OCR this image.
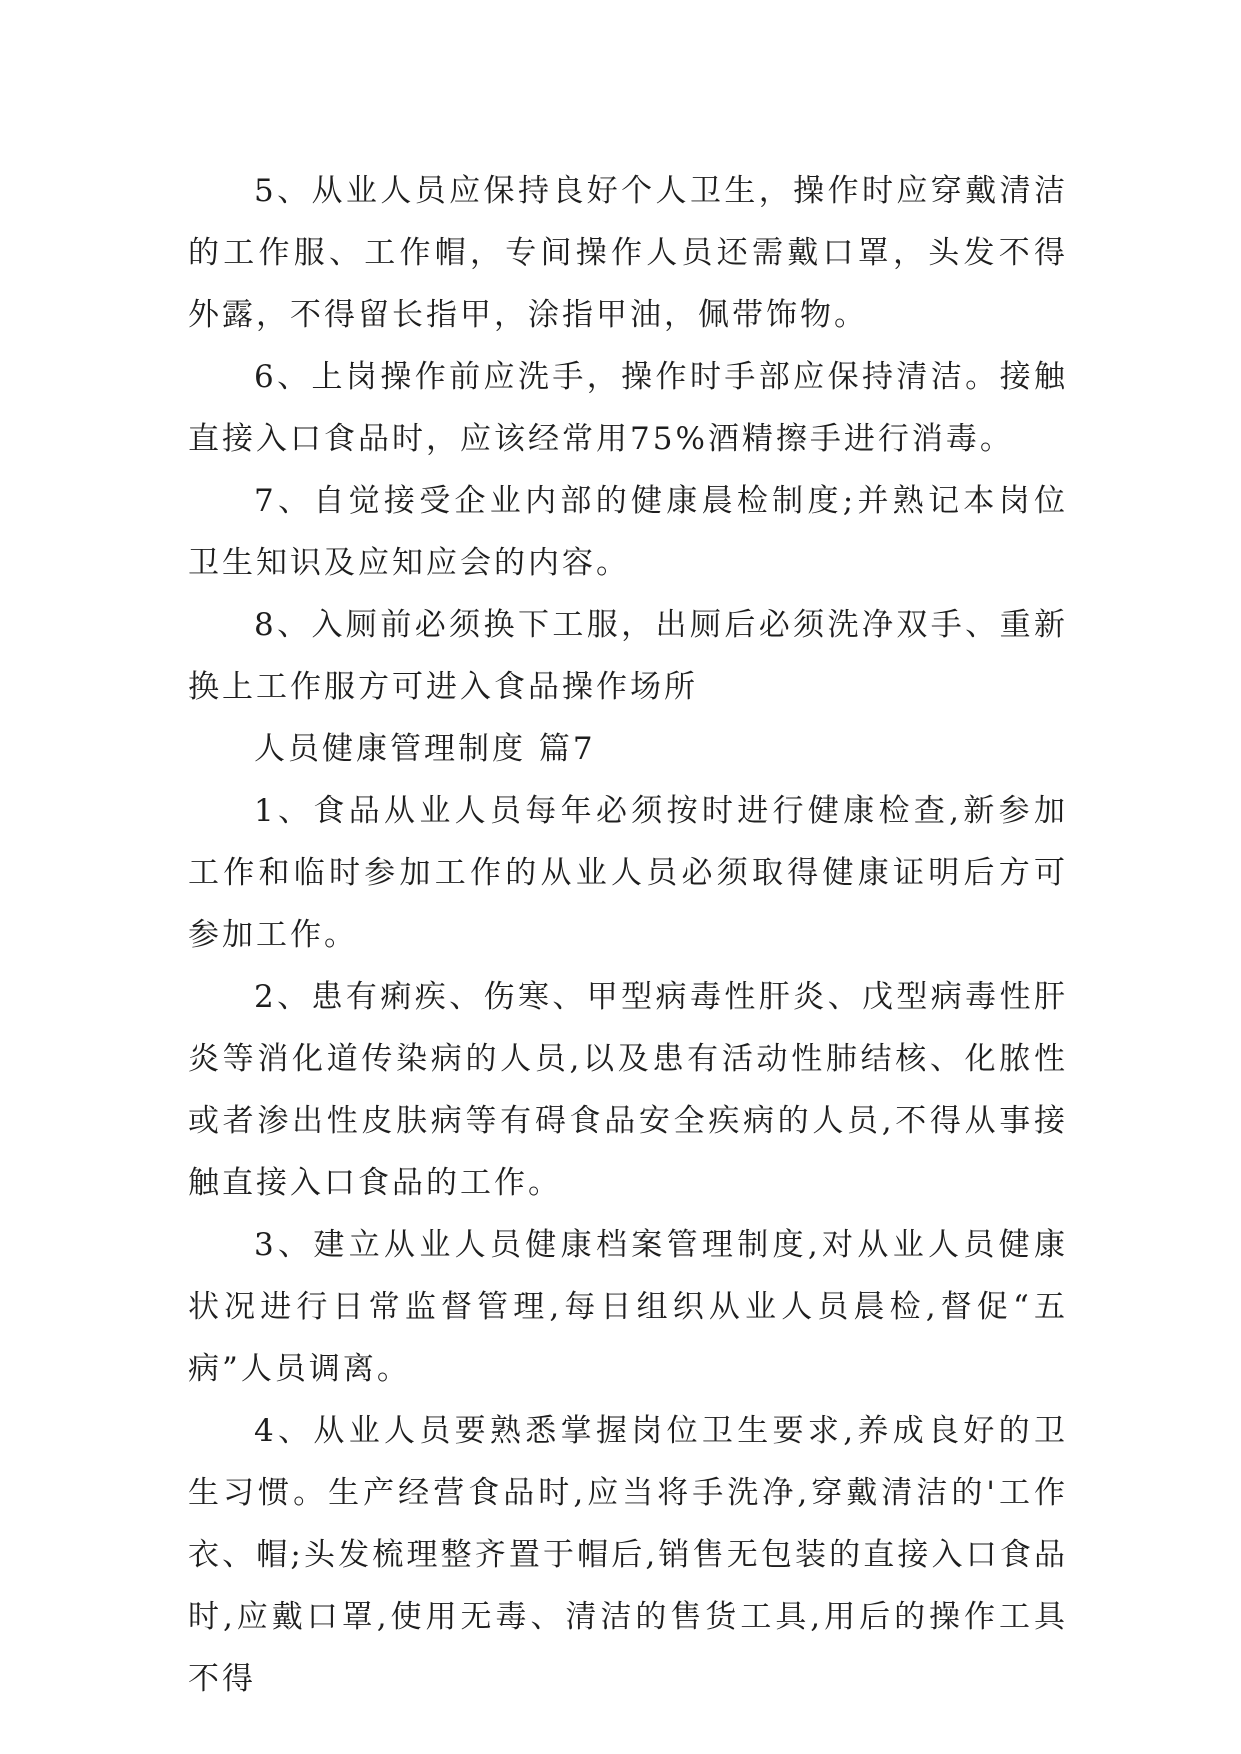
5、从业人员应保持良好个人卫生，操作时应穿戴清洁的工作服、工作帽，专间操作人员还需戴口罩，头发不得外露，不得留长指甲，涂指甲油，佩带饰物。

6、上岗操作前应洗手，操作时手部应保持清洁。接触直接入口食品时，应该经常用75%酒精擦手进行消毒。

7、自觉接受企业内部的健康晨检制度;并熟记本岗位卫生知识及应知应会的内容。

8、入厕前必须换下工服，出厕后必须洗净双手、重新换上工作服方可进入食品操作场所

人员健康管理制度 篇7

1、食品从业人员每年必须按时进行健康检查,新参加工作和临时参加工作的从业人员必须取得健康证明后方可参加工作。

2、患有痢疾、伤寒、甲型病毒性肝炎、戊型病毒性肝炎等消化道传染病的人员,以及患有活动性肺结核、化脓性或者渗出性皮肤病等有碍食品安全疾病的人员,不得从事接触直接入口食品的工作。

3、建立从业人员健康档案管理制度,对从业人员健康状况进行日常监督管理,每日组织从业人员晨检,督促“五病”人员调离。

4、从业人员要熟悉掌握岗位卫生要求,养成良好的卫生习惯。生产经营食品时,应当将手洗净,穿戴清洁的'工作衣、帽;头发梳理整齐置于帽后,销售无包装的直接入口食品时,应戴口罩,使用无毒、清洁的售货工具,用后的操作工具不得
